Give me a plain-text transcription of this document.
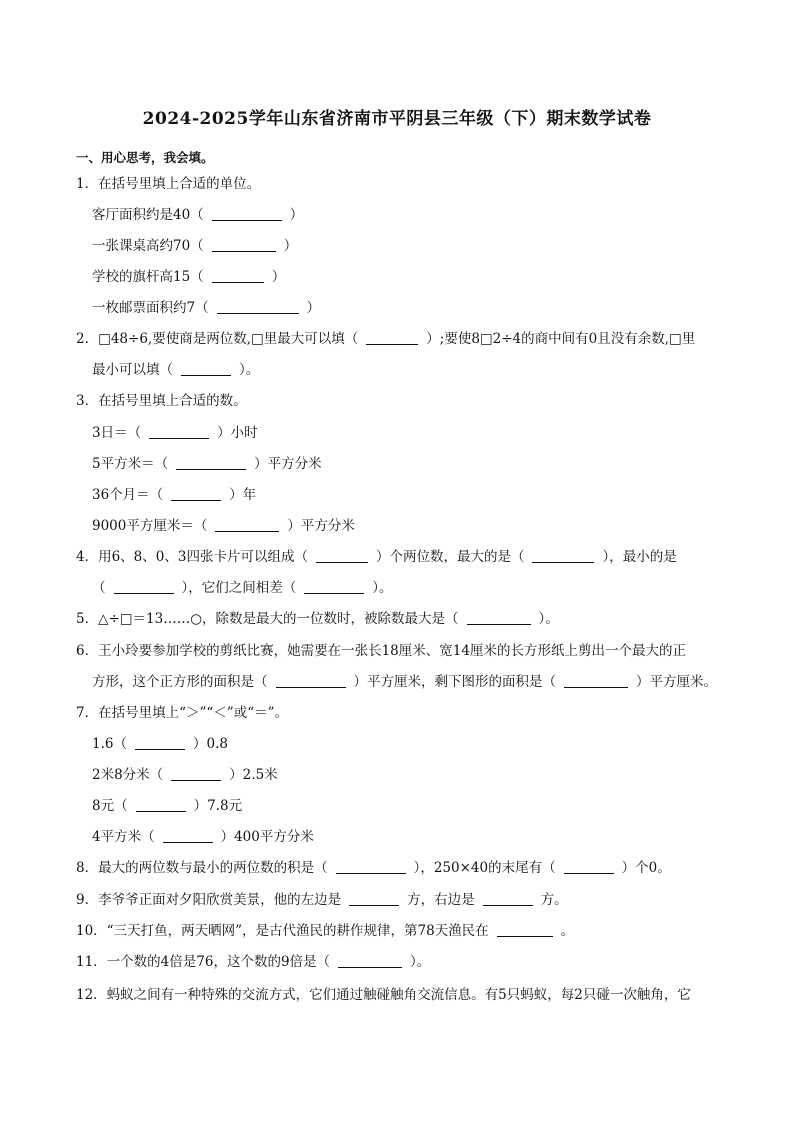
2024-2025学年山东省济南市平阴县三年级（下）期末数学试卷
一、用心思考，我会填。
1．在括号里填上合适的单位。
客厅面积约是40（	）
一张课桌高约70（	）
学校的旗杆高15（	）
一枚邮票面积约7（	）
2．□48÷6,要使商是两位数,□里最大可以填（	）;要使8□2÷4的商中间有0且没有余数,□里
最小可以填（	）。
3．在括号里填上合适的数。
3日＝（	）小时
5平方米＝（	）平方分米
36个月＝（	）年
9000平方厘米＝（	）平方分米
4．用6、8、0、3四张卡片可以组成（	）个两位数，最大的是（	），最小的是
（	），它们之间相差（	）。
5．△÷□＝13……○，除数是最大的一位数时，被除数最大是（	）。
6．王小玲要参加学校的剪纸比赛，她需要在一张长18厘米、宽14厘米的长方形纸上剪出一个最大的正
方形，这个正方形的面积是（	）平方厘米，剩下图形的面积是（	）平方厘米。
7．在括号里填上“＞”“＜”或“＝”。
1.6（	）0.8
2米8分米（	）2.5米
8元（	）7.8元
4平方米（	）400平方分米
8．最大的两位数与最小的两位数的积是（	），250×40的末尾有（	）个0。
9．李爷爷正面对夕阳欣赏美景，他的左边是	方，右边是	方。
10．“三天打鱼，两天晒网”，是古代渔民的耕作规律，第78天渔民在	。
11．一个数的4倍是76，这个数的9倍是（	）。
12．蚂蚁之间有一种特殊的交流方式，它们通过触碰触角交流信息。有5只蚂蚁，每2只碰一次触角，它
